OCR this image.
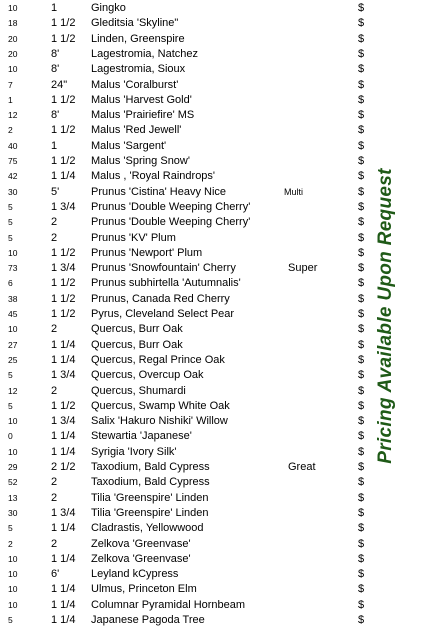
10	1	Gingko	$
18	1 1/2 Gleditsia 'Skyline"	$
20	1 1/2 Linden, Greenspire	$
20	8'	Lagestromia, Natchez	$
10	8'	Lagestromia, Sioux	$
7	24" Malus 'Coralburst'	$
1	1 1/2 Malus 'Harvest Gold'	$
12	8'	Malus 'Prairiefire' MS	$
2	1 1/2 Malus 'Red Jewell'	$
40	1	Malus 'Sargent'	$
75	1 1/2 Malus 'Spring Snow'	$
42	1 1/4 Malus , 'Royal Raindrops'	$
30	5'	Prunus 'Cistina' Heavy Nice	Multi	$
5	1 3/4 Prunus 'Double Weeping Cherry'	$
5	2	Prunus 'Double Weeping Cherry'	$
5	2	Prunus 'KV' Plum	$
10	1 1/2 Prunus 'Newport' Plum	$
73	1 3/4 Prunus 'Snowfountain' Cherry	Super	$
6	1 1/2 Prunus subhirtella 'Autumnalis'	$
38	1 1/2 Prunus, Canada Red Cherry	$
45	1 1/2 Pyrus, Cleveland Select Pear	$
10	2	Quercus, Burr Oak	$
27	1 1/4 Quercus, Burr Oak	$
25	1 1/4 Quercus, Regal Prince Oak	$
5	1 3/4 Quercus, Overcup Oak	$
12	2	Quercus, Shumardi	$
5	1 1/2 Quercus, Swamp White Oak	$
10	1 3/4 Salix 'Hakuro Nishiki' Willow	$
0	1 1/4 Stewartia 'Japanese'	$
10	1 1/4 Syrigia 'Ivory Silk'	$
29	2 1/2 Taxodium, Bald Cypress	Great	$
52	2	Taxodium, Bald Cypress	$
13	2	Tilia 'Greenspire' Linden	$
30	1 3/4 Tilia 'Greenspire' Linden	$
5	1 1/4 Cladrastis, Yellowwood	$
2	2	Zelkova 'Greenvase'	$
10	1 1/4 Zelkova 'Greenvase'	$
10	6'	Leyland kCypress	$
10	1 1/4 Ulmus, Princeton Elm	$
10	1 1/4 Columnar Pyramidal Hornbeam	$
5	1 1/4 Japanese Pagoda Tree	$
Pricing Available Upon Request
